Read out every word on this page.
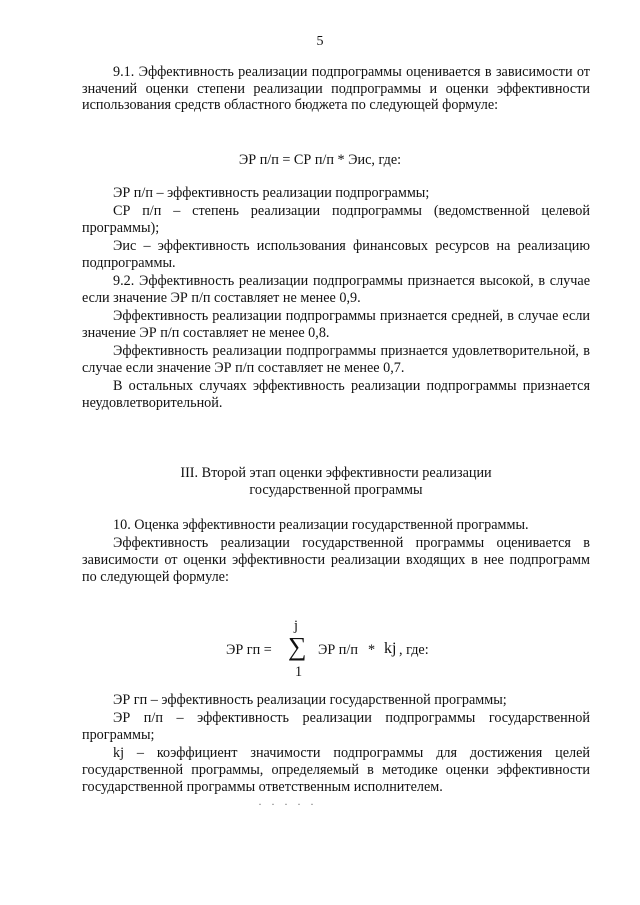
5

9.1. Эффективность реализации подпрограммы оценивается в зависимости от значений оценки степени реализации подпрограммы и оценки эффективности использования средств областного бюджета по следующей формуле:

ЭР п/п = СР п/п * Эис, где:

ЭР п/п – эффективность реализации подпрограммы;

СР п/п – степень реализации подпрограммы (ведомственной целевой программы);

Эис – эффективность использования финансовых ресурсов на реализацию подпрограммы.

9.2. Эффективность реализации подпрограммы признается высокой, в случае если значение ЭР п/п составляет не менее 0,9.

Эффективность реализации подпрограммы признается средней, в случае если значение ЭР п/п составляет не менее 0,8.

Эффективность реализации подпрограммы признается удовлетворительной, в случае если значение ЭР п/п составляет не менее 0,7.

В остальных случаях эффективность реализации подпрограммы признается неудовлетворительной.

III. Второй этап оценки эффективности реализации
государственной программы

10. Оценка эффективности реализации государственной программы.

Эффективность реализации государственной программы оценивается в зависимости от оценки эффективности реализации входящих в нее подпрограмм по следующей формуле:

ЭР гп =
j
∑
1
ЭР п/п * kj , где:

ЭР гп – эффективность реализации государственной программы;

ЭР п/п – эффективность реализации подпрограммы государственной программы;

kj – коэффициент значимости подпрограммы для достижения целей государственной программы, определяемый в методике оценки эффективности государственной программы ответственным исполнителем.

· · · · ·
